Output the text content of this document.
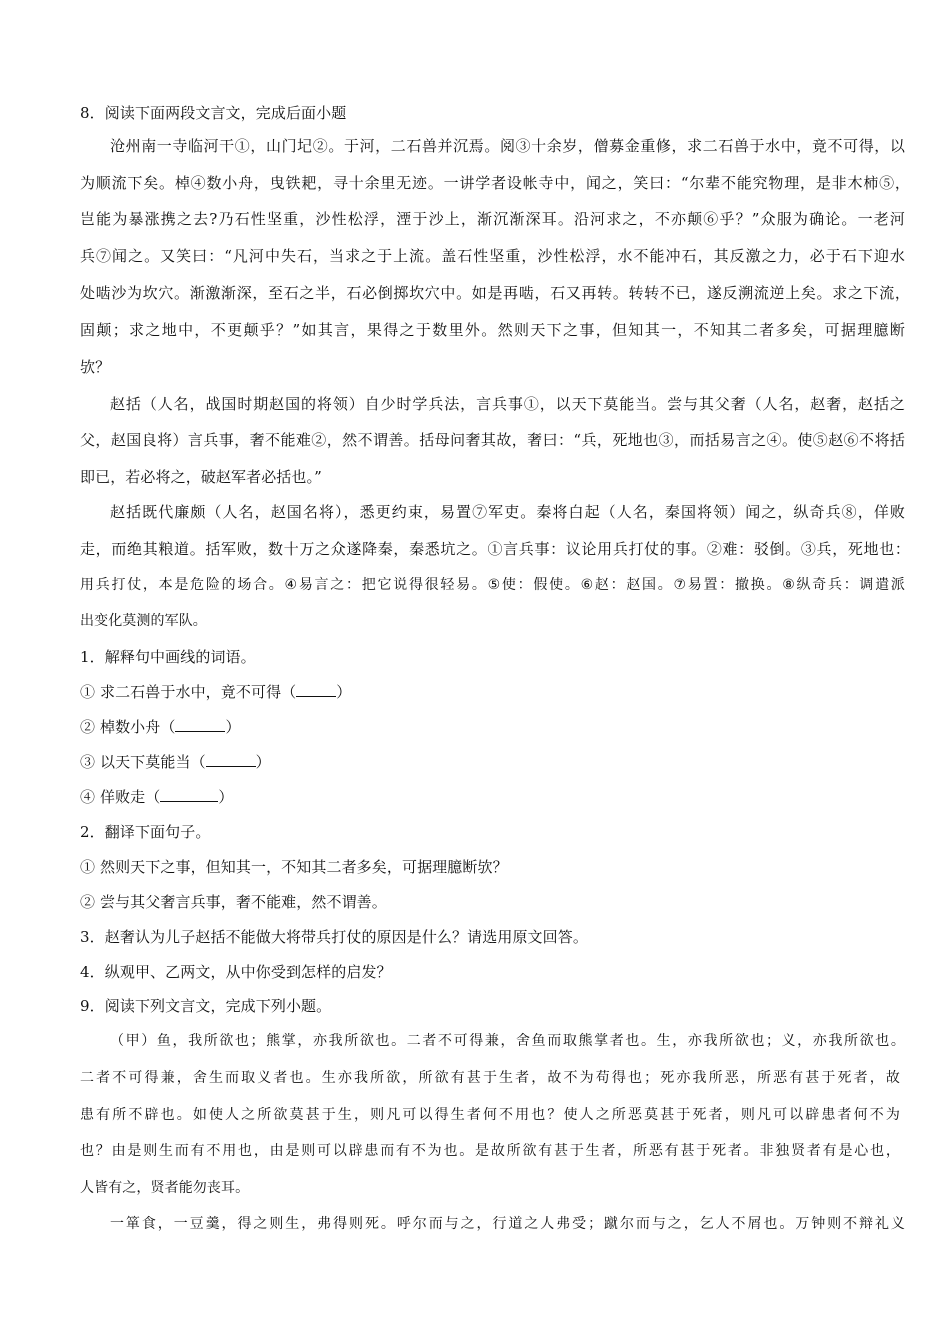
8．阅读下面两段文言文，完成后面小题
沧州南一寺临河干①，山门圮②。于河，二石兽并沉焉。阅③十余岁，僧募金重修，求二石兽于水中，竟不可得，以
为顺流下矣。棹④数小舟，曳铁耙，寻十余里无迹。一讲学者设帐寺中，闻之，笑曰：“尔辈不能究物理，是非木柿⑤，
岂能为暴涨携之去?乃石性坚重，沙性松浮，湮于沙上，渐沉渐深耳。沿河求之，不亦颠⑥乎？”众服为确论。一老河
兵⑦闻之。又笑曰：“凡河中失石，当求之于上流。盖石性坚重，沙性松浮，水不能冲石，其反激之力，必于石下迎水
处啮沙为坎穴。渐激渐深，至石之半，石必倒掷坎穴中。如是再啮，石又再转。转转不已，遂反溯流逆上矣。求之下流，
固颠；求之地中，不更颠乎？”如其言，果得之于数里外。然则天下之事，但知其一，不知其二者多矣，可据理臆断
欤？
赵括（人名，战国时期赵国的将领）自少时学兵法，言兵事①，以天下莫能当。尝与其父奢（人名，赵奢，赵括之
父，赵国良将）言兵事，奢不能难②，然不谓善。括母问奢其故，奢曰：“兵，死地也③，而括易言之④。使⑤赵⑥不将括
即已，若必将之，破赵军者必括也。”
赵括既代廉颇（人名，赵国名将），悉更约束，易置⑦军吏。秦将白起（人名，秦国将领）闻之，纵奇兵⑧，佯败
走，而绝其粮道。括军败，数十万之众遂降秦，秦悉坑之。①言兵事：议论用兵打仗的事。②难：驳倒。③兵，死地也：
用兵打仗，本是危险的场合。④易言之：把它说得很轻易。⑤使：假使。⑥赵：赵国。⑦易置：撤换。⑧纵奇兵：调遣派
出变化莫测的军队。
1．解释句中画线的词语。
① 求二石兽于水中，竟不可得（	）
② 棹数小舟（	）
③ 以天下莫能当（	）
④ 佯败走（	）
2．翻译下面句子。
① 然则天下之事，但知其一，不知其二者多矣，可据理臆断欤？
② 尝与其父奢言兵事，奢不能难，然不谓善。
3．赵奢认为儿子赵括不能做大将带兵打仗的原因是什么？请选用原文回答。
4．纵观甲、乙两文，从中你受到怎样的启发？
9．阅读下列文言文，完成下列小题。
（甲）鱼，我所欲也；熊掌，亦我所欲也。二者不可得兼，舍鱼而取熊掌者也。生，亦我所欲也；义，亦我所欲也。
二者不可得兼，舍生而取义者也。生亦我所欲，所欲有甚于生者，故不为苟得也；死亦我所恶，所恶有甚于死者，故
患有所不辟也。如使人之所欲莫甚于生，则凡可以得生者何不用也？使人之所恶莫甚于死者，则凡可以辟患者何不为
也？由是则生而有不用也，由是则可以辟患而有不为也。是故所欲有甚于生者，所恶有甚于死者。非独贤者有是心也，
人皆有之，贤者能勿丧耳。
一箪食，一豆羹，得之则生，弗得则死。呼尔而与之，行道之人弗受；蹴尔而与之，乞人不屑也。万钟则不辩礼义
